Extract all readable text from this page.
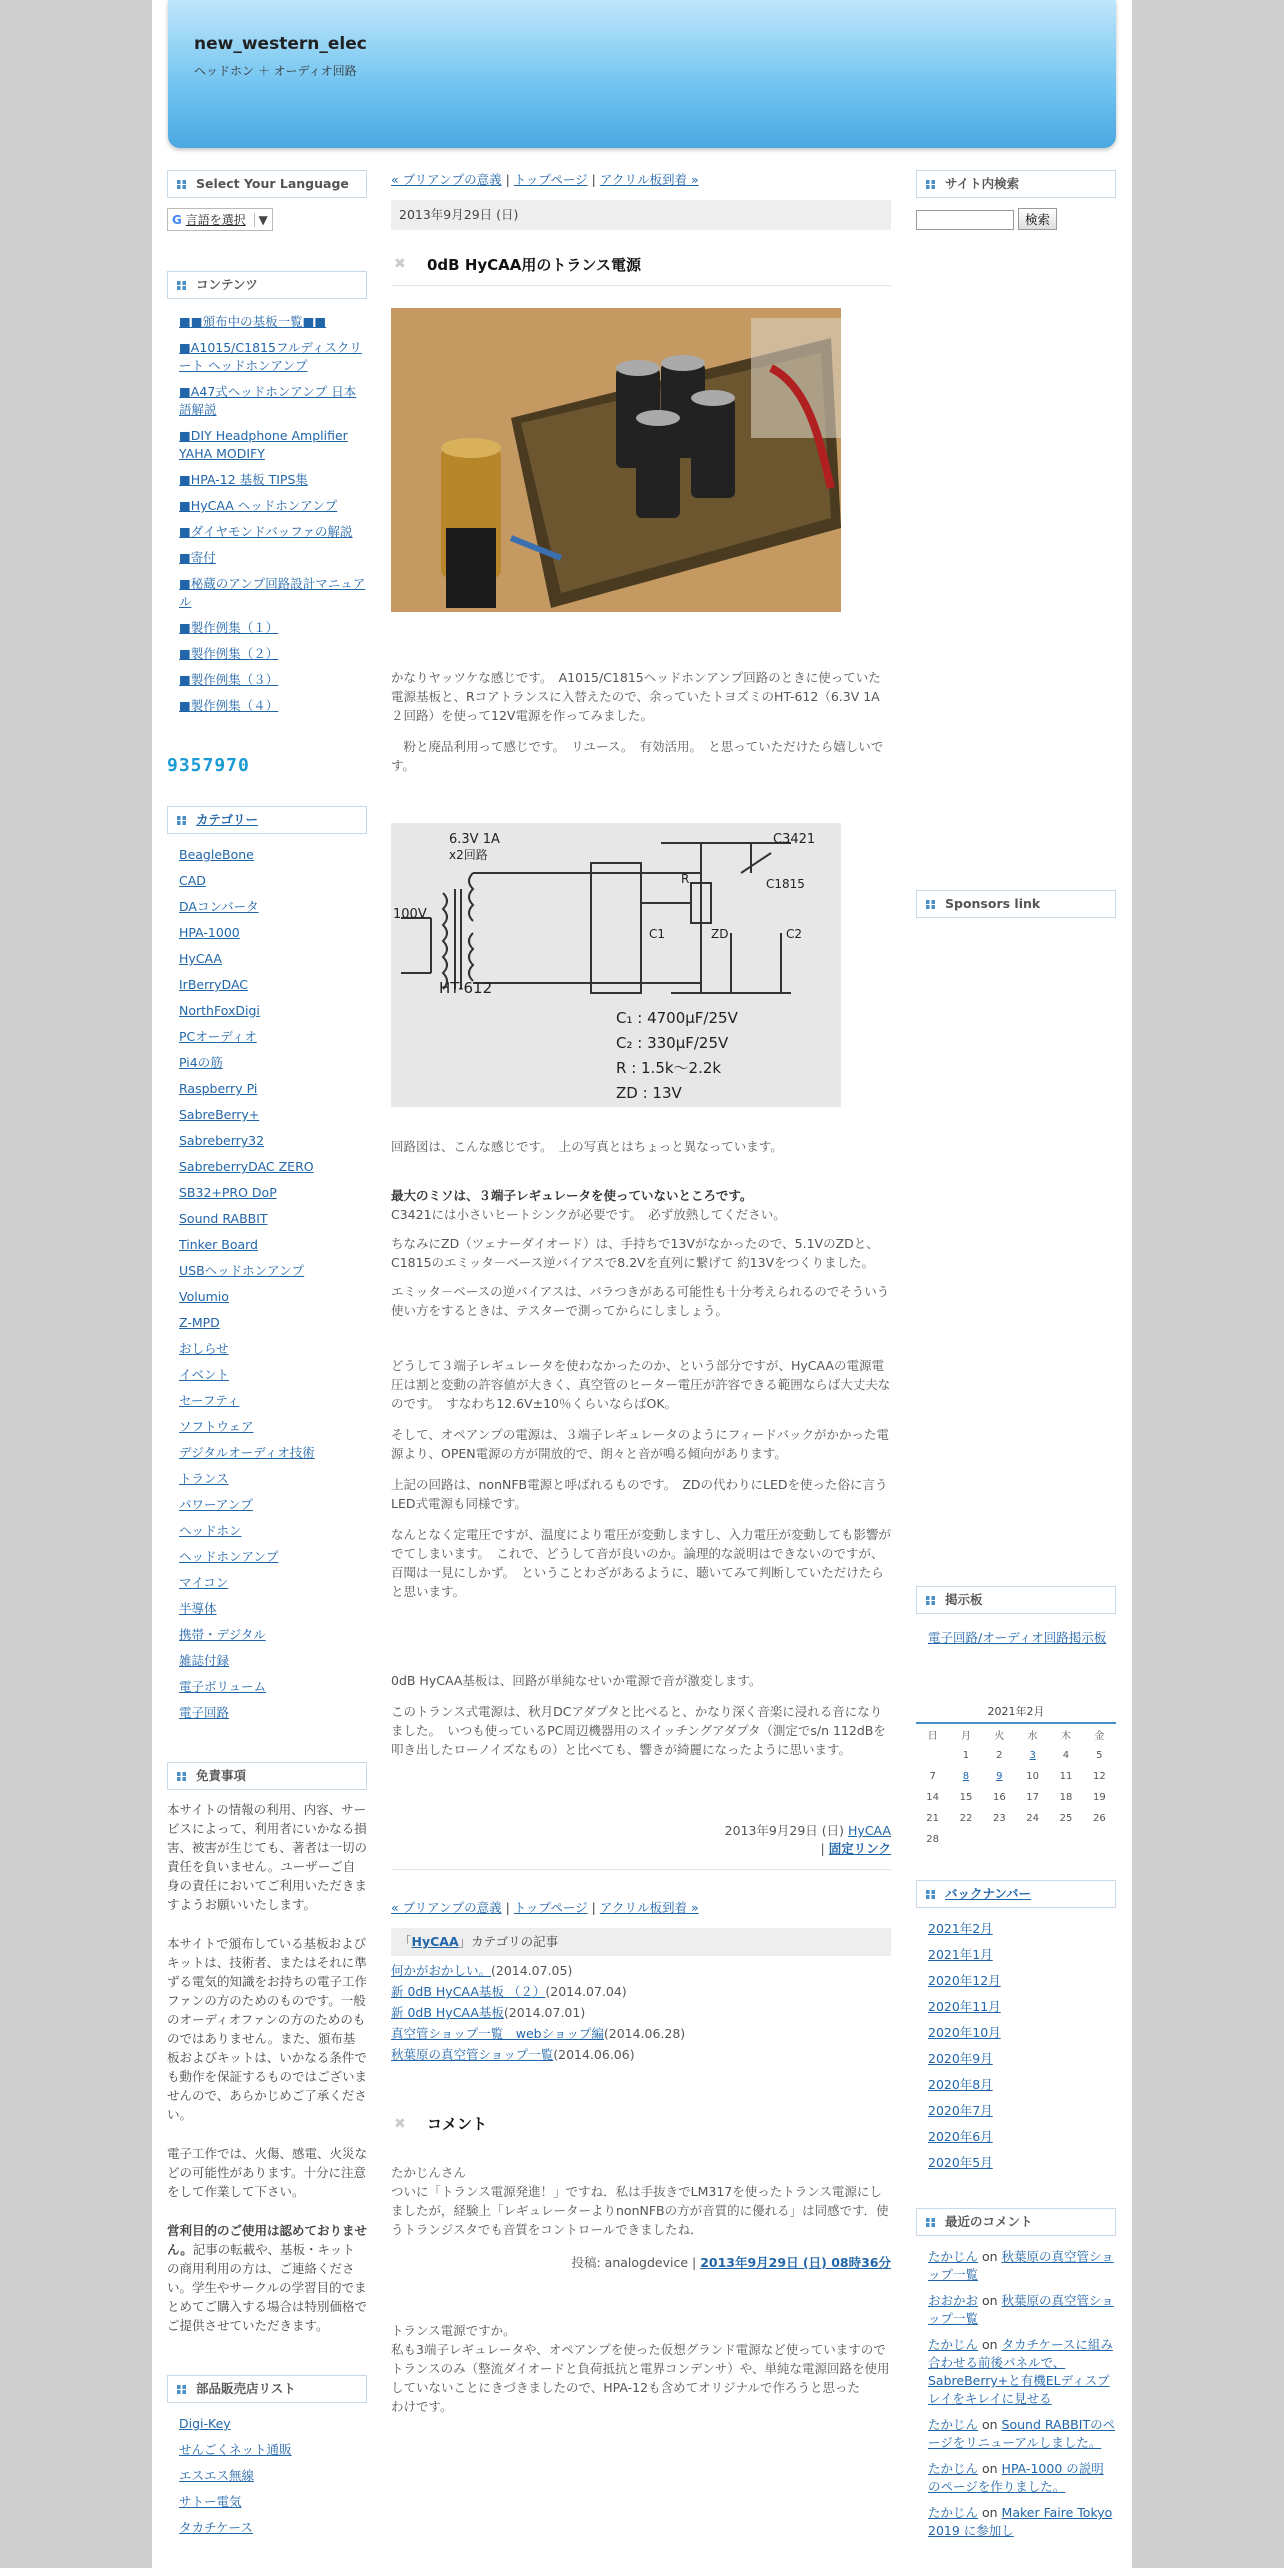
new_western_elec
ヘッドホン ＋ オーディオ回路
Select Your Language
G 言語を選択 ▼
コンテンツ
■■頒布中の基板一覧■■
■A1015/C1815フルディスクリート ヘッドホンアンプ
■A47式ヘッドホンアンプ 日本語解説
■DIY Headphone Amplifier YAHA MODIFY
■HPA-12 基板 TIPS集
■HyCAA ヘッドホンアンプ
■ダイヤモンドバッファの解説
■寄付
■秘蔵のアンプ回路設計マニュアル
■製作例集（１）
■製作例集（２）
■製作例集（３）
■製作例集（４）
9357970
カテゴリー
BeagleBone
CAD
DAコンバータ
HPA-1000
HyCAA
IrBerryDAC
NorthFoxDigi
PCオーディオ
Pi4の筋
Raspberry Pi
SabreBerry+
Sabreberry32
SabreberryDAC ZERO
SB32+PRO DoP
Sound RABBIT
Tinker Board
USBヘッドホンアンプ
Volumio
Z-MPD
おしらせ
イベント
セーフティ
ソフトウェア
デジタルオーディオ技術
トランス
パワーアンプ
ヘッドホン
ヘッドホンアンプ
マイコン
半導体
携帯・デジタル
雑誌付録
電子ボリューム
電子回路
免責事項
本サイトの情報の利用、内容、サービスによって、利用者にいかなる損害、被害が生じても、著者は一切の責任を負いません。ユーザーご自身の責任においてご利用いただきますようお願いいたします。
本サイトで頒布している基板およびキットは、技術者、またはそれに準ずる電気的知識をお持ちの電子工作ファンの方のためのものです。一般のオーディオファンの方のためのものではありません。また、頒布基板およびキットは、いかなる条件でも動作を保証するものではございませんので、あらかじめご了承ください。
電子工作では、火傷、感電、火災などの可能性があります。十分に注意をして作業して下さい。
営利目的のご使用は認めておりません。記事の転載や、基板・キットの商用利用の方は、ご連絡ください。学生やサークルの学習目的でまとめてご購入する場合は特別価格でご提供させていただきます。
部品販売店リスト
Digi-Key
せんごくネット通販
エスエス無線
サトー電気
タカチケース
« プリアンプの意義 | トップページ | アクリル板到着 »
2013年9月29日 (日)
✖ 0dB HyCAA用のトランス電源

かなりヤッツケな感じです。　A1015/C1815ヘッドホンアンプ回路のときに使っていた電源基板と、Rコアトランスに入替えたので、余っていたトヨズミのHT-612（6.3V 1A ２回路）を使って12V電源を作ってみました。

　粉と廃品利用って感じです。　リユース。　有効活用。　と思っていただけたら嬉しいです。

6.3V 1A
x2回路
100V
HT-612
C3421
C1815
R
C1	C2
ZD
C₁ : 4700μF/25V
C₂ : 330μF/25V
R : 1.5k〜2.2k
ZD : 13V

回路図は、こんな感じです。　上の写真とはちょっと異なっています。

最大のミソは、３端子レギュレータを使っていないところです。
C3421には小さいヒートシンクが必要です。　必ず放熱してください。

ちなみにZD（ツェナーダイオード）は、手持ちで13Vがなかったので、5.1VのZDと、C1815のエミッタ－ベース逆バイアスで8.2Vを直列に繋げて 約13Vをつくりました。

エミッタ－ベースの逆バイアスは、バラつきがある可能性も十分考えられるのでそういう使い方をするときは、テスターで測ってからにしましょう。

どうして３端子レギュレータを使わなかったのか、という部分ですが、HyCAAの電源電圧は割と変動の許容値が大きく、真空管のヒーター電圧が許容できる範囲ならば大丈夫なのです。　すなわち12.6V±10％くらいならばOK。

そして、オペアンプの電源は、３端子レギュレータのようにフィードバックがかかった電源より、OPEN電源の方が開放的で、朗々と音が鳴る傾向があります。

上記の回路は、nonNFB電源と呼ばれるものです。　ZDの代わりにLEDを使った俗に言うLED式電源も同様です。

なんとなく定電圧ですが、温度により電圧が変動しますし、入力電圧が変動しても影響がでてしまいます。　これで、どうして音が良いのか。論理的な説明はできないのですが、百聞は一見にしかず。　ということわざがあるように、聴いてみて判断していただけたらと思います。

0dB HyCAA基板は、回路が単純なせいか電源で音が激変します。

このトランス式電源は、秋月DCアダプタと比べると、かなり深く音楽に浸れる音になりました。　いつも使っているPC周辺機器用のスイッチングアダプタ（測定でs/n 112dBを叩き出したローノイズなもの）と比べても、響きが綺麗になったように思います。

2013年9月29日 (日) HyCAA
| 固定リンク
« プリアンプの意義 | トップページ | アクリル板到着 »
「HyCAA」カテゴリの記事
何かがおかしい。(2014.07.05)
新 0dB HyCAA基板 （２）(2014.07.04)
新 0dB HyCAA基板(2014.07.01)
真空管ショップ一覧　webショップ編(2014.06.28)
秋葉原の真空管ショップ一覧(2014.06.06)
✖ コメント

たかじんさん

ついに「トランス電源発進！」ですね．私は手抜きでLM317を使ったトランス電源にしましたが，経験上「レギュレーターよりnonNFBの方が音質的に優れる」は同感です．使うトランジスタでも音質をコントロールできましたね．

投稿: analogdevice | 2013年9月29日 (日) 08時36分

トランス電源ですか。
私も3端子レギュレータや、オペアンプを使った仮想グランド電源など使っていますので
トランスのみ（整流ダイオードと負荷抵抗と電界コンデンサ）や、単純な電源回路を使用していないことにきづきましたので、HPA-12も含めてオリジナルで作ろうと思った
わけです。

サイト内検索
検索
Sponsors link
掲示板
電子回路/オーディオ回路掲示板
2021年2月
日	月	火	水	木	金
	1	2	3	4	5
7	8	9	10	11	12
14	15	16	17	18	19
21	22	23	24	25	26
28					
バックナンバー
2021年2月
2021年1月
2020年12月
2020年11月
2020年10月
2020年9月
2020年8月
2020年7月
2020年6月
2020年5月
最近のコメント
たかじん on 秋葉原の真空管ショップ一覧
おおかお on 秋葉原の真空管ショップ一覧
たかじん on タカチケースに組み合わせる前後パネルで、SabreBerry+と有機ELディスプレイをキレイに見せる
たかじん on Sound RABBITのページをリニューアルしました。
たかじん on HPA-1000 の説明のページを作りました。
たかじん on Maker Faire Tokyo 2019 に参加し
